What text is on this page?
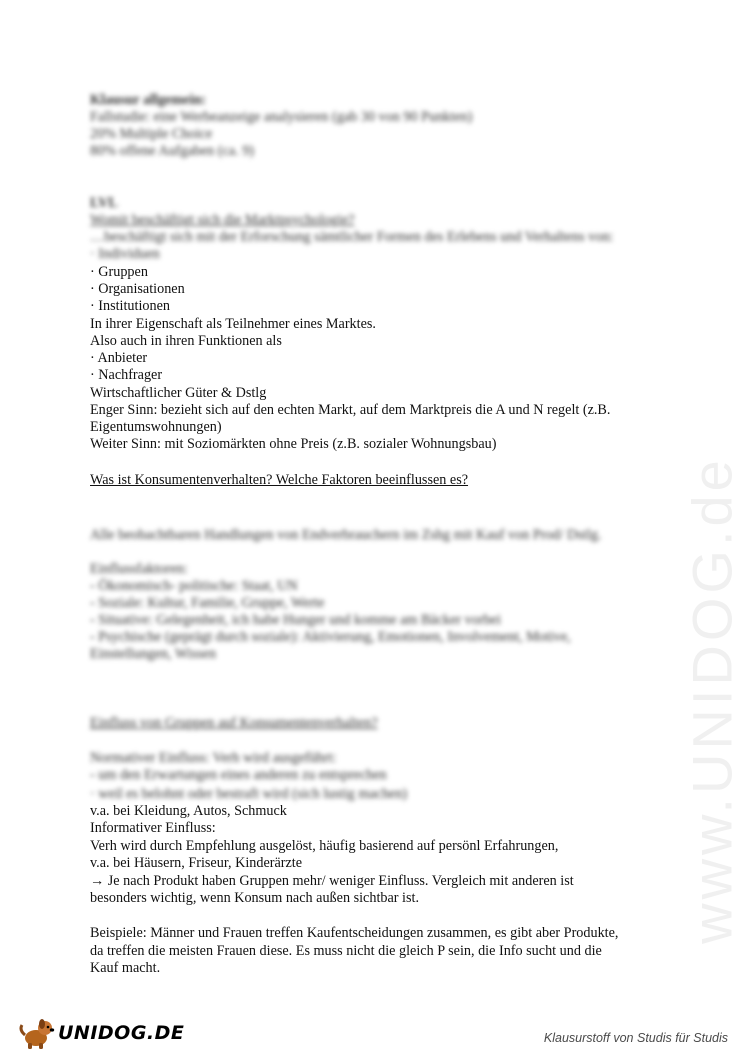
Klausur allgemein:
Fallstudie: eine Werbeanzeige analysieren (gab 30 von 90 Punkten)
20% Multiple Choice
80% offene Aufgaben (ca. 9)
LVL
Womit beschäftigt sich die Marktpsychologie?
…beschäftigt sich mit der Erforschung sämtlicher Formen des Erlebens und Verhaltens von:
· Individuen
· Gruppen
· Organisationen
· Institutionen
In ihrer Eigenschaft als Teilnehmer eines Marktes.
Also auch in ihren Funktionen als
· Anbieter
· Nachfrager
Wirtschaftlicher Güter & Dstlg
Enger Sinn: bezieht sich auf den echten Markt, auf dem Marktpreis die A und N regelt (z.B.
Eigentumswohnungen)
Weiter Sinn: mit Soziomärkten ohne Preis (z.B. sozialer Wohnungsbau)
Was ist Konsumentenverhalten? Welche Faktoren beeinflussen es?
Alle beobachtbaren Handlungen von Endverbrauchern im Zshg mit Kauf von Prod/ Dstlg.
Einflussfaktoren:
- Ökonomisch- politische: Staat, UN
- Soziale: Kultur, Familie, Gruppe, Werte
- Situative: Gelegenheit, ich habe Hunger und komme am Bäcker vorbei
- Psychische (geprägt durch soziale): Aktivierung, Emotionen, Involvement, Motive,
Einstellungen, Wissen
Einfluss von Gruppen auf Konsumentenverhalten?
Normativer Einfluss: Verh wird ausgeführt:
- um den Erwartungen eines anderen zu entsprechen
· weil es belohnt oder bestraft wird (sich lustig machen)
v.a. bei Kleidung, Autos, Schmuck
Informativer Einfluss:
Verh wird durch Empfehlung ausgelöst, häufig basierend auf persönl Erfahrungen,
v.a. bei Häusern, Friseur, Kinderärzte
→ Je nach Produkt haben Gruppen mehr/ weniger Einfluss. Vergleich mit anderen ist
besonders wichtig, wenn Konsum nach außen sichtbar ist.
Beispiele: Männer und Frauen treffen Kaufentscheidungen zusammen, es gibt aber Produkte,
da treffen die meisten Frauen diese. Es muss nicht die gleich P sein, die Info sucht und die
Kauf macht.
www.UNIDOG.de
UNIDOG.DE	Klausurstoff von Studis für Studis
